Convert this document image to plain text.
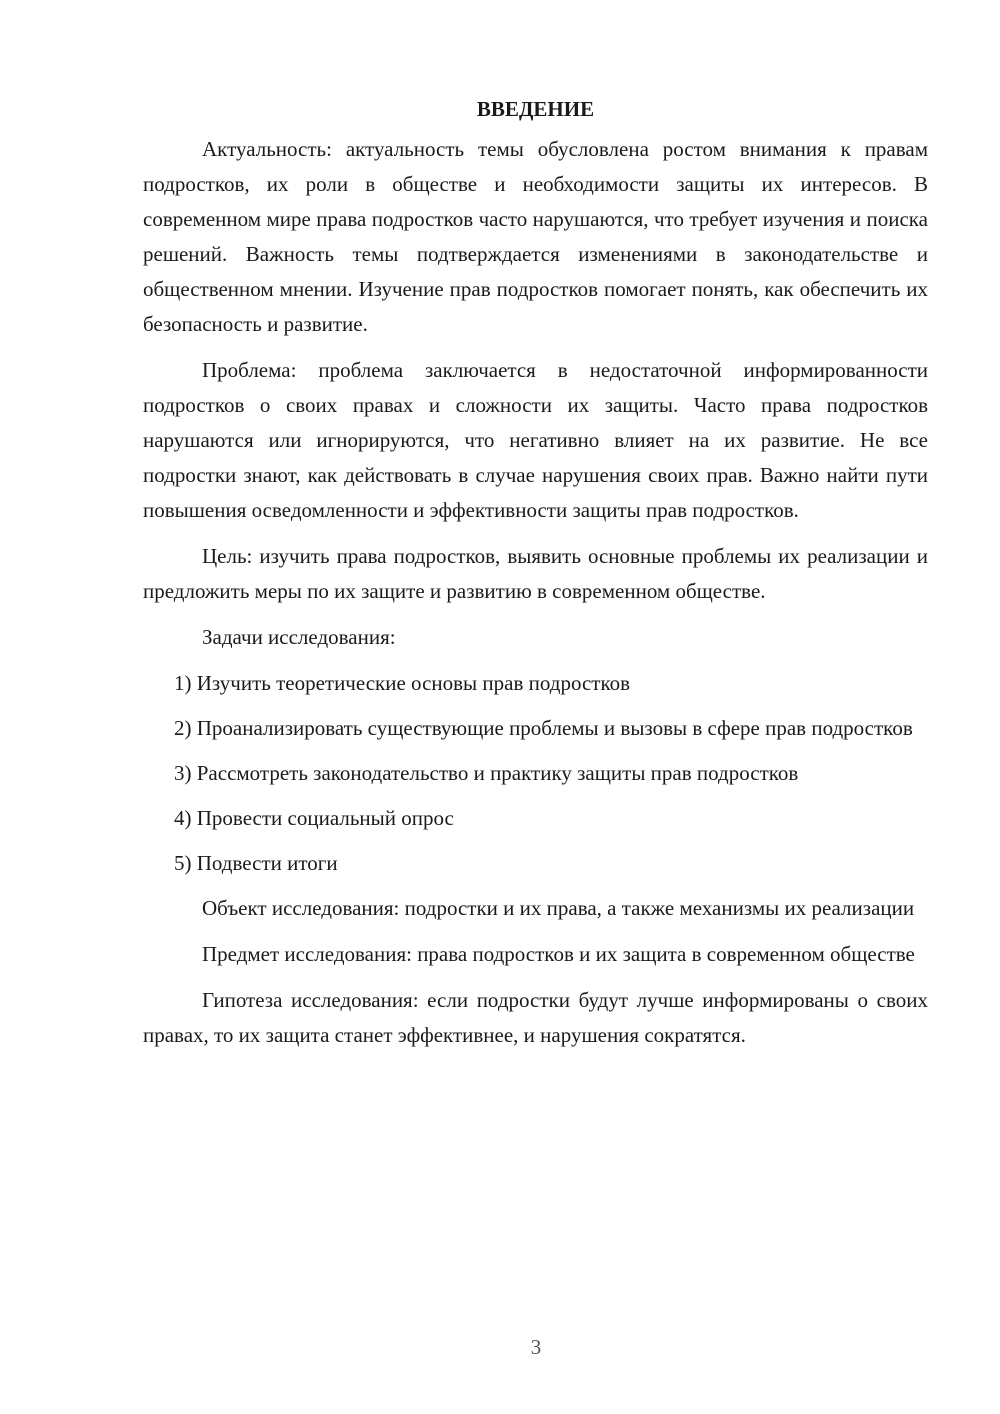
ВВЕДЕНИЕ

Актуальность: актуальность темы обусловлена ростом внимания к правам подростков, их роли в обществе и необходимости защиты их интересов. В современном мире права подростков часто нарушаются, что требует изучения и поиска решений. Важность темы подтверждается изменениями в законодательстве и общественном мнении. Изучение прав подростков помогает понять, как обеспечить их безопасность и развитие.

Проблема: проблема заключается в недостаточной информированности подростков о своих правах и сложности их защиты. Часто права подростков нарушаются или игнорируются, что негативно влияет на их развитие. Не все подростки знают, как действовать в случае нарушения своих прав. Важно найти пути повышения осведомленности и эффективности защиты прав подростков.

Цель: изучить права подростков, выявить основные проблемы их реализации и предложить меры по их защите и развитию в современном обществе.

Задачи исследования:

1) Изучить теоретические основы прав подростков

2) Проанализировать существующие проблемы и вызовы в сфере прав подростков

3) Рассмотреть законодательство и практику защиты прав подростков

4) Провести социальный опрос

5) Подвести итоги

Объект исследования: подростки и их права, а также механизмы их реализации

Предмет исследования: права подростков и их защита в современном обществе

Гипотеза исследования: если подростки будут лучше информированы о своих правах, то их защита станет эффективнее, и нарушения сократятся.

3
